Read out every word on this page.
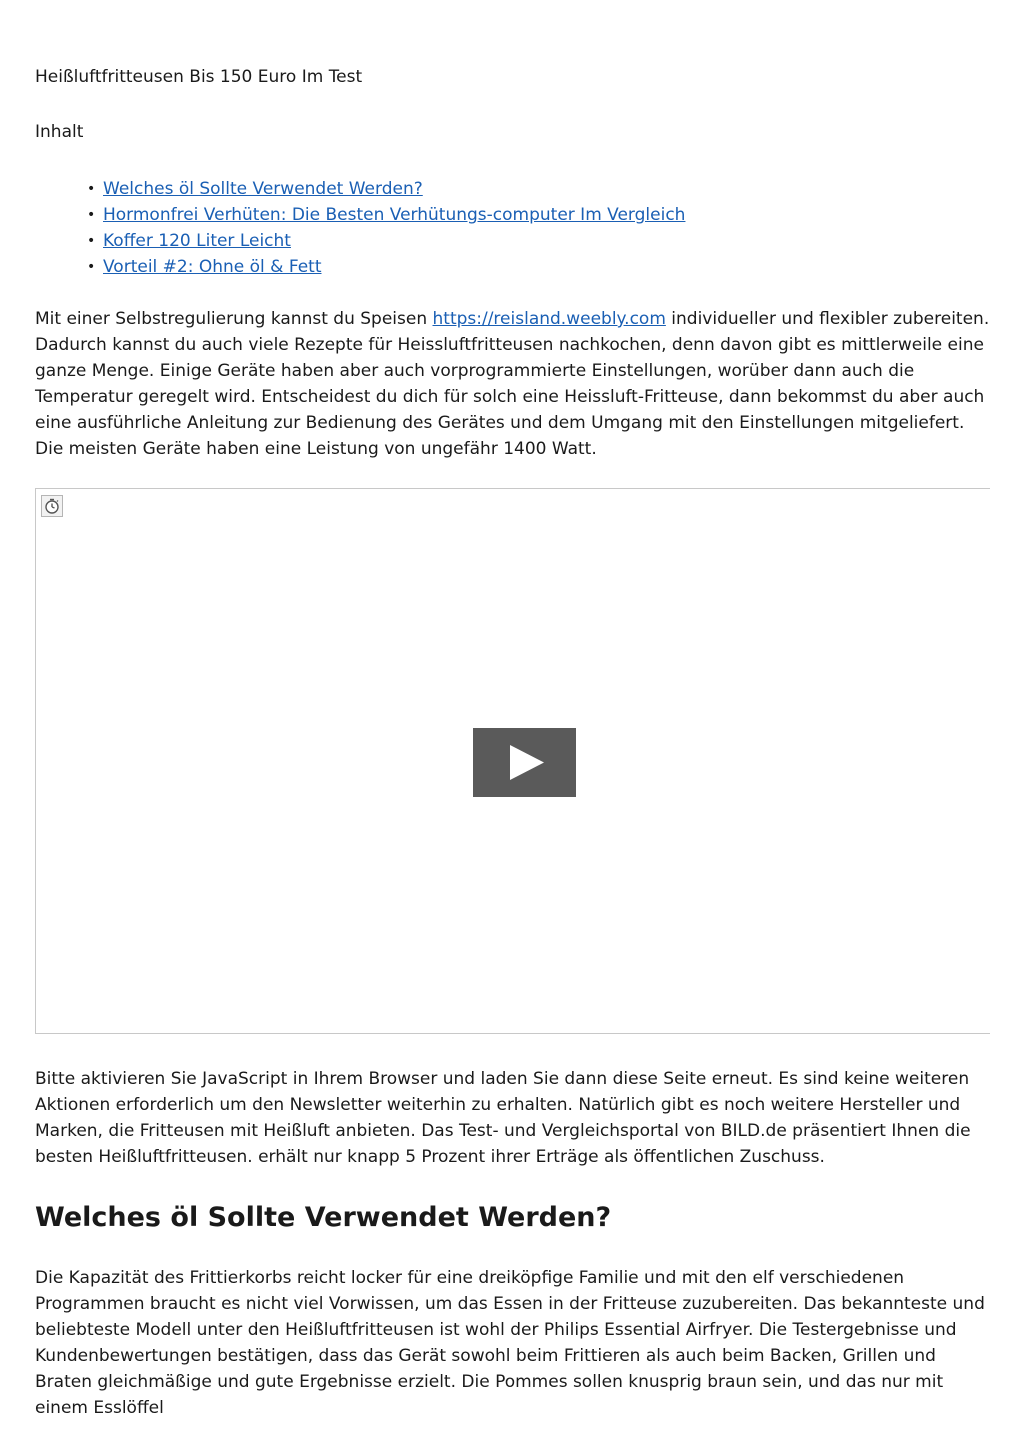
Heißluftfritteusen Bis 150 Euro Im Test

Inhalt

• Welches öl Sollte Verwendet Werden?
• Hormonfrei Verhüten: Die Besten Verhütungs-computer Im Vergleich
• Koffer 120 Liter Leicht
• Vorteil #2: Ohne öl & Fett

Mit einer Selbstregulierung kannst du Speisen https://reisland.weebly.com individueller und flexibler zubereiten. Dadurch kannst du auch viele Rezepte für Heissluftfritteusen nachkochen, denn davon gibt es mittlerweile eine ganze Menge. Einige Geräte haben aber auch vorprogrammierte Einstellungen, worüber dann auch die Temperatur geregelt wird. Entscheidest du dich für solch eine Heissluft-Fritteuse, dann bekommst du aber auch eine ausführliche Anleitung zur Bedienung des Gerätes und dem Umgang mit den Einstellungen mitgeliefert. Die meisten Geräte haben eine Leistung von ungefähr 1400 Watt.

Bitte aktivieren Sie JavaScript in Ihrem Browser und laden Sie dann diese Seite erneut. Es sind keine weiteren Aktionen erforderlich um den Newsletter weiterhin zu erhalten. Natürlich gibt es noch weitere Hersteller und Marken, die Fritteusen mit Heißluft anbieten. Das Test- und Vergleichsportal von BILD.de präsentiert Ihnen die besten Heißluftfritteusen. erhält nur knapp 5 Prozent ihrer Erträge als öffentlichen Zuschuss.

Welches öl Sollte Verwendet Werden?

Die Kapazität des Frittierkorbs reicht locker für eine dreiköpfige Familie und mit den elf verschiedenen Programmen braucht es nicht viel Vorwissen, um das Essen in der Fritteuse zuzubereiten. Das bekannteste und beliebteste Modell unter den Heißluftfritteusen ist wohl der Philips Essential Airfryer. Die Testergebnisse und Kundenbewertungen bestätigen, dass das Gerät sowohl beim Frittieren als auch beim Backen, Grillen und Braten gleichmäßige und gute Ergebnisse erzielt. Die Pommes sollen knusprig braun sein, und das nur mit einem Esslöffel
